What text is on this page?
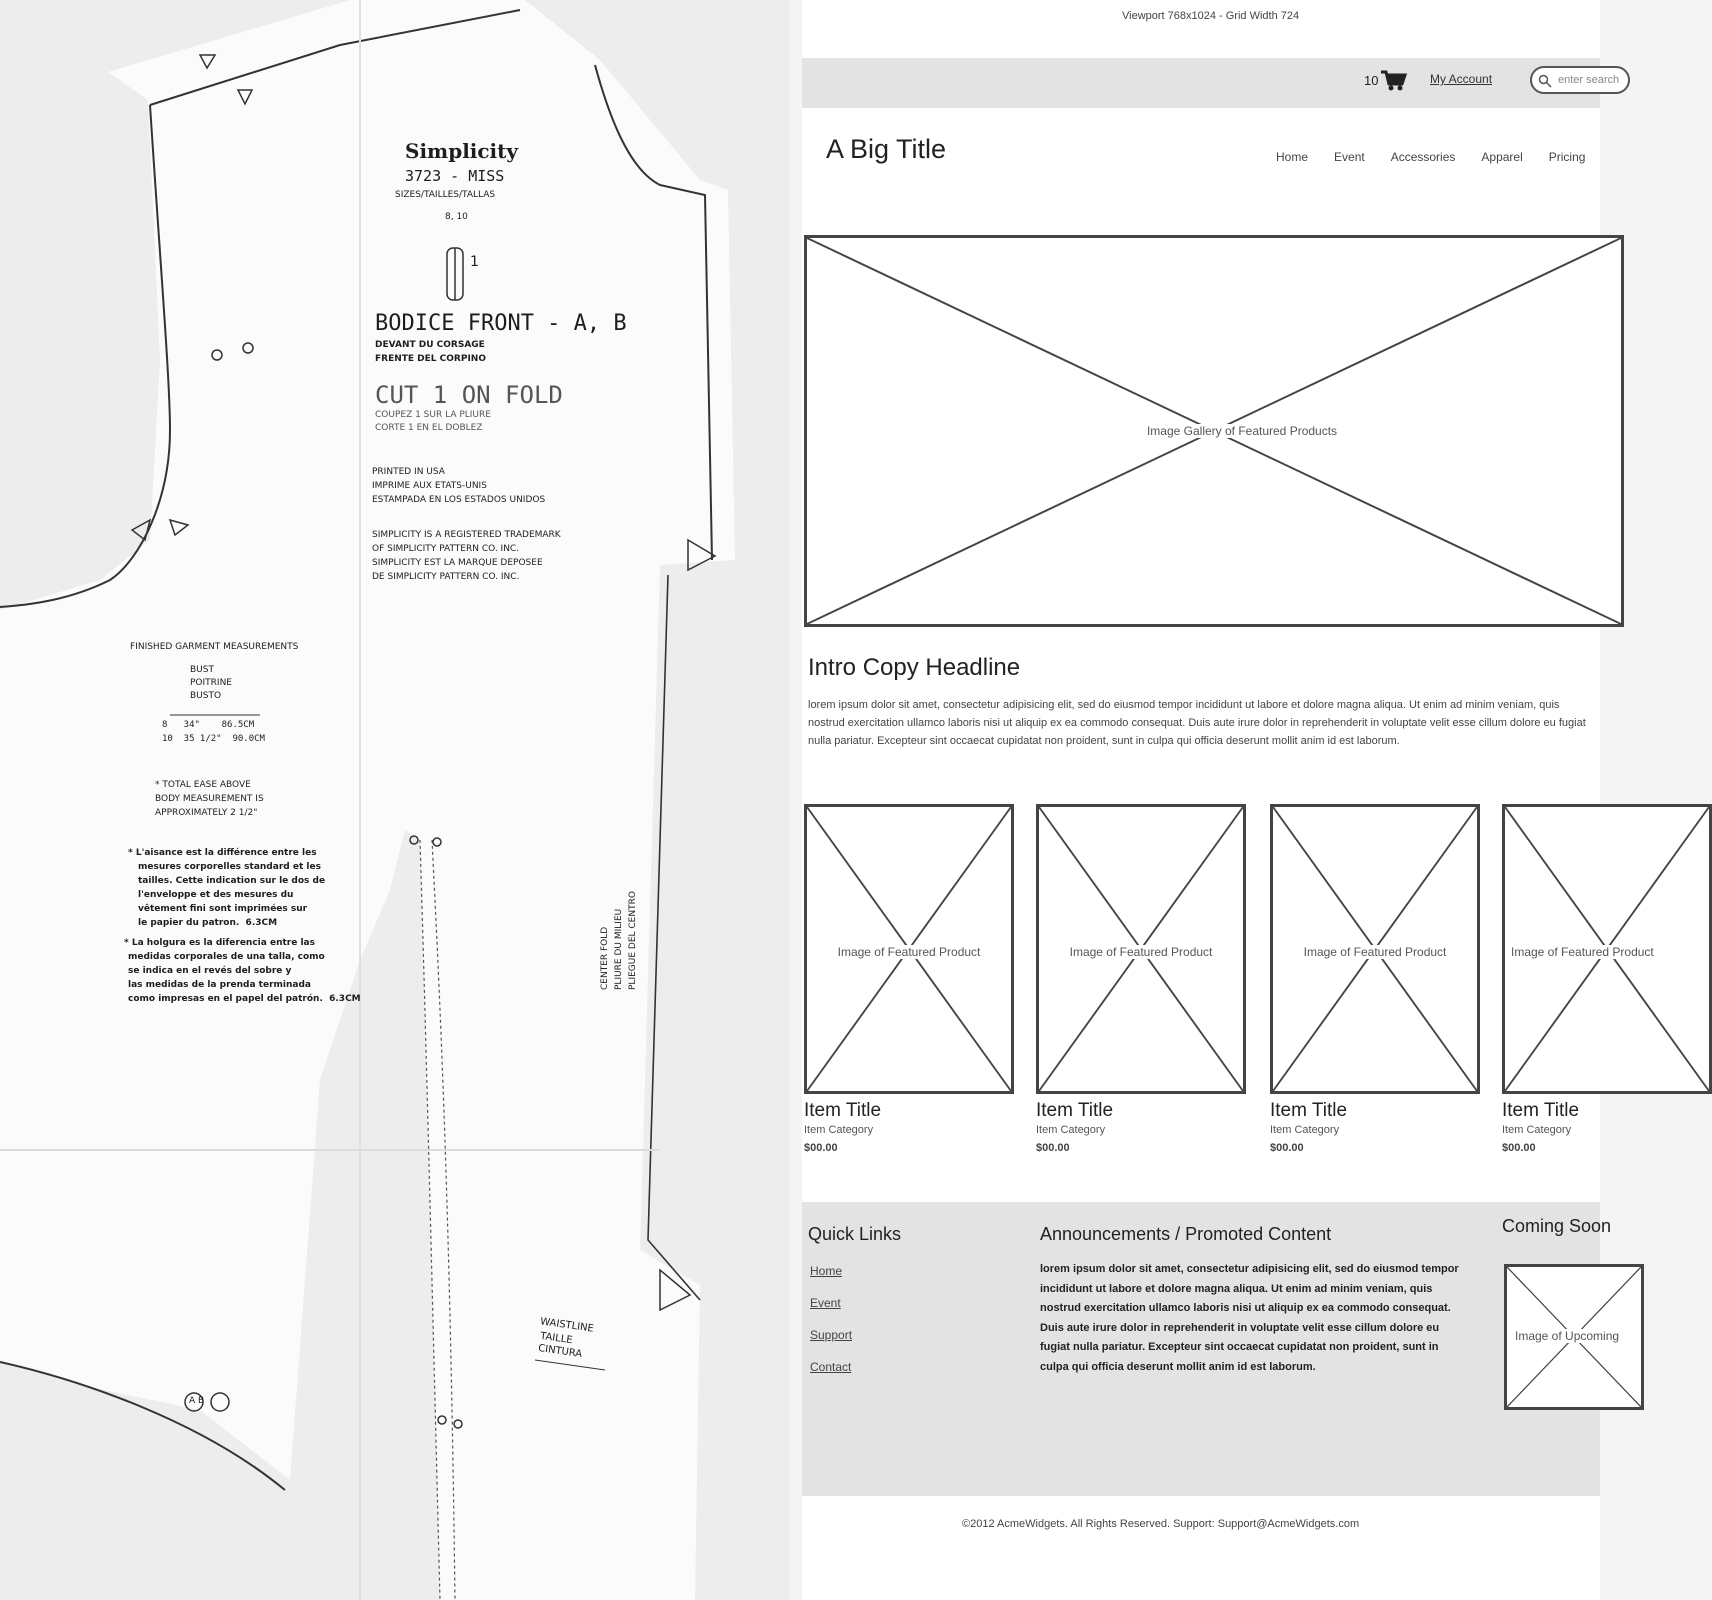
Simplicity
3723 - MISS
SIZES/TAILLES/TALLAS
8, 10
1
BODICE FRONT - A, B
DEVANT DU CORSAGE
FRENTE DEL CORPINO
CUT 1 ON FOLD
COUPEZ 1 SUR LA PLIURE
CORTE 1 EN EL DOBLEZ
PRINTED IN USA
IMPRIME AUX ETATS-UNIS
ESTAMPADA EN LOS ESTADOS UNIDOS
SIMPLICITY IS A REGISTERED TRADEMARK
OF SIMPLICITY PATTERN CO. INC.
SIMPLICITY EST LA MARQUE DEPOSEE
DE SIMPLICITY PATTERN CO. INC.
FINISHED GARMENT MEASUREMENTS
BUST
POITRINE
BUSTO
8   34"    86.5CM
10  35 1/2"  90.0CM
* TOTAL EASE ABOVE
BODY MEASUREMENT IS
APPROXIMATELY 2 1/2"
* L'aisance est la différence entre les
mesures corporelles standard et les
tailles. Cette indication sur le dos de
l'enveloppe et des mesures du
vêtement fini sont imprimées sur
le papier du patron.  6.3CM
* La holgura es la diferencia entre las
medidas corporales de una talla, como
se indica en el revés del sobre y
las medidas de la prenda terminada
como impresas en el papel del patrón.  6.3CM
CENTER FOLD PLIURE DU MILIEU PLIEGUE DEL CENTRO
WAISTLINE
TAILLE
CINTURA
A B
Viewport 768x1024 - Grid Width 724
10	My Account	enter search
A Big Title	Home Event Accessories Apparel Pricing
Image Gallery of Featured Products
Intro Copy Headline
lorem ipsum dolor sit amet, consectetur adipisicing elit, sed do eiusmod tempor incididunt ut labore et dolore magna aliqua. Ut enim ad minim veniam, quis nostrud exercitation ullamco laboris nisi ut aliquip ex ea commodo consequat. Duis aute irure dolor in reprehenderit in voluptate velit esse cillum dolore eu fugiat nulla pariatur. Excepteur sint occaecat cupidatat non proident, sunt in culpa qui officia deserunt mollit anim id est laborum.
Image of Featured Product
Item Title
Item Category
$00.00
Image of Featured Product
Item Title
Item Category
$00.00
Image of Featured Product
Item Title
Item Category
$00.00
Image of Featured Product
Item Title
Item Category
$00.00
Quick Links
Home
Event
Support
Contact
Announcements / Promoted Content
lorem ipsum dolor sit amet, consectetur adipisicing elit, sed do eiusmod tempor incididunt ut labore et dolore magna aliqua. Ut enim ad minim veniam, quis nostrud exercitation ullamco laboris nisi ut aliquip ex ea commodo consequat. Duis aute irure dolor in reprehenderit in voluptate velit esse cillum dolore eu fugiat nulla pariatur. Excepteur sint occaecat cupidatat non proident, sunt in culpa qui officia deserunt mollit anim id est laborum.
Coming Soon
Image of Upcoming
©2012 AcmeWidgets. All Rights Reserved. Support: Support@AcmeWidgets.com
